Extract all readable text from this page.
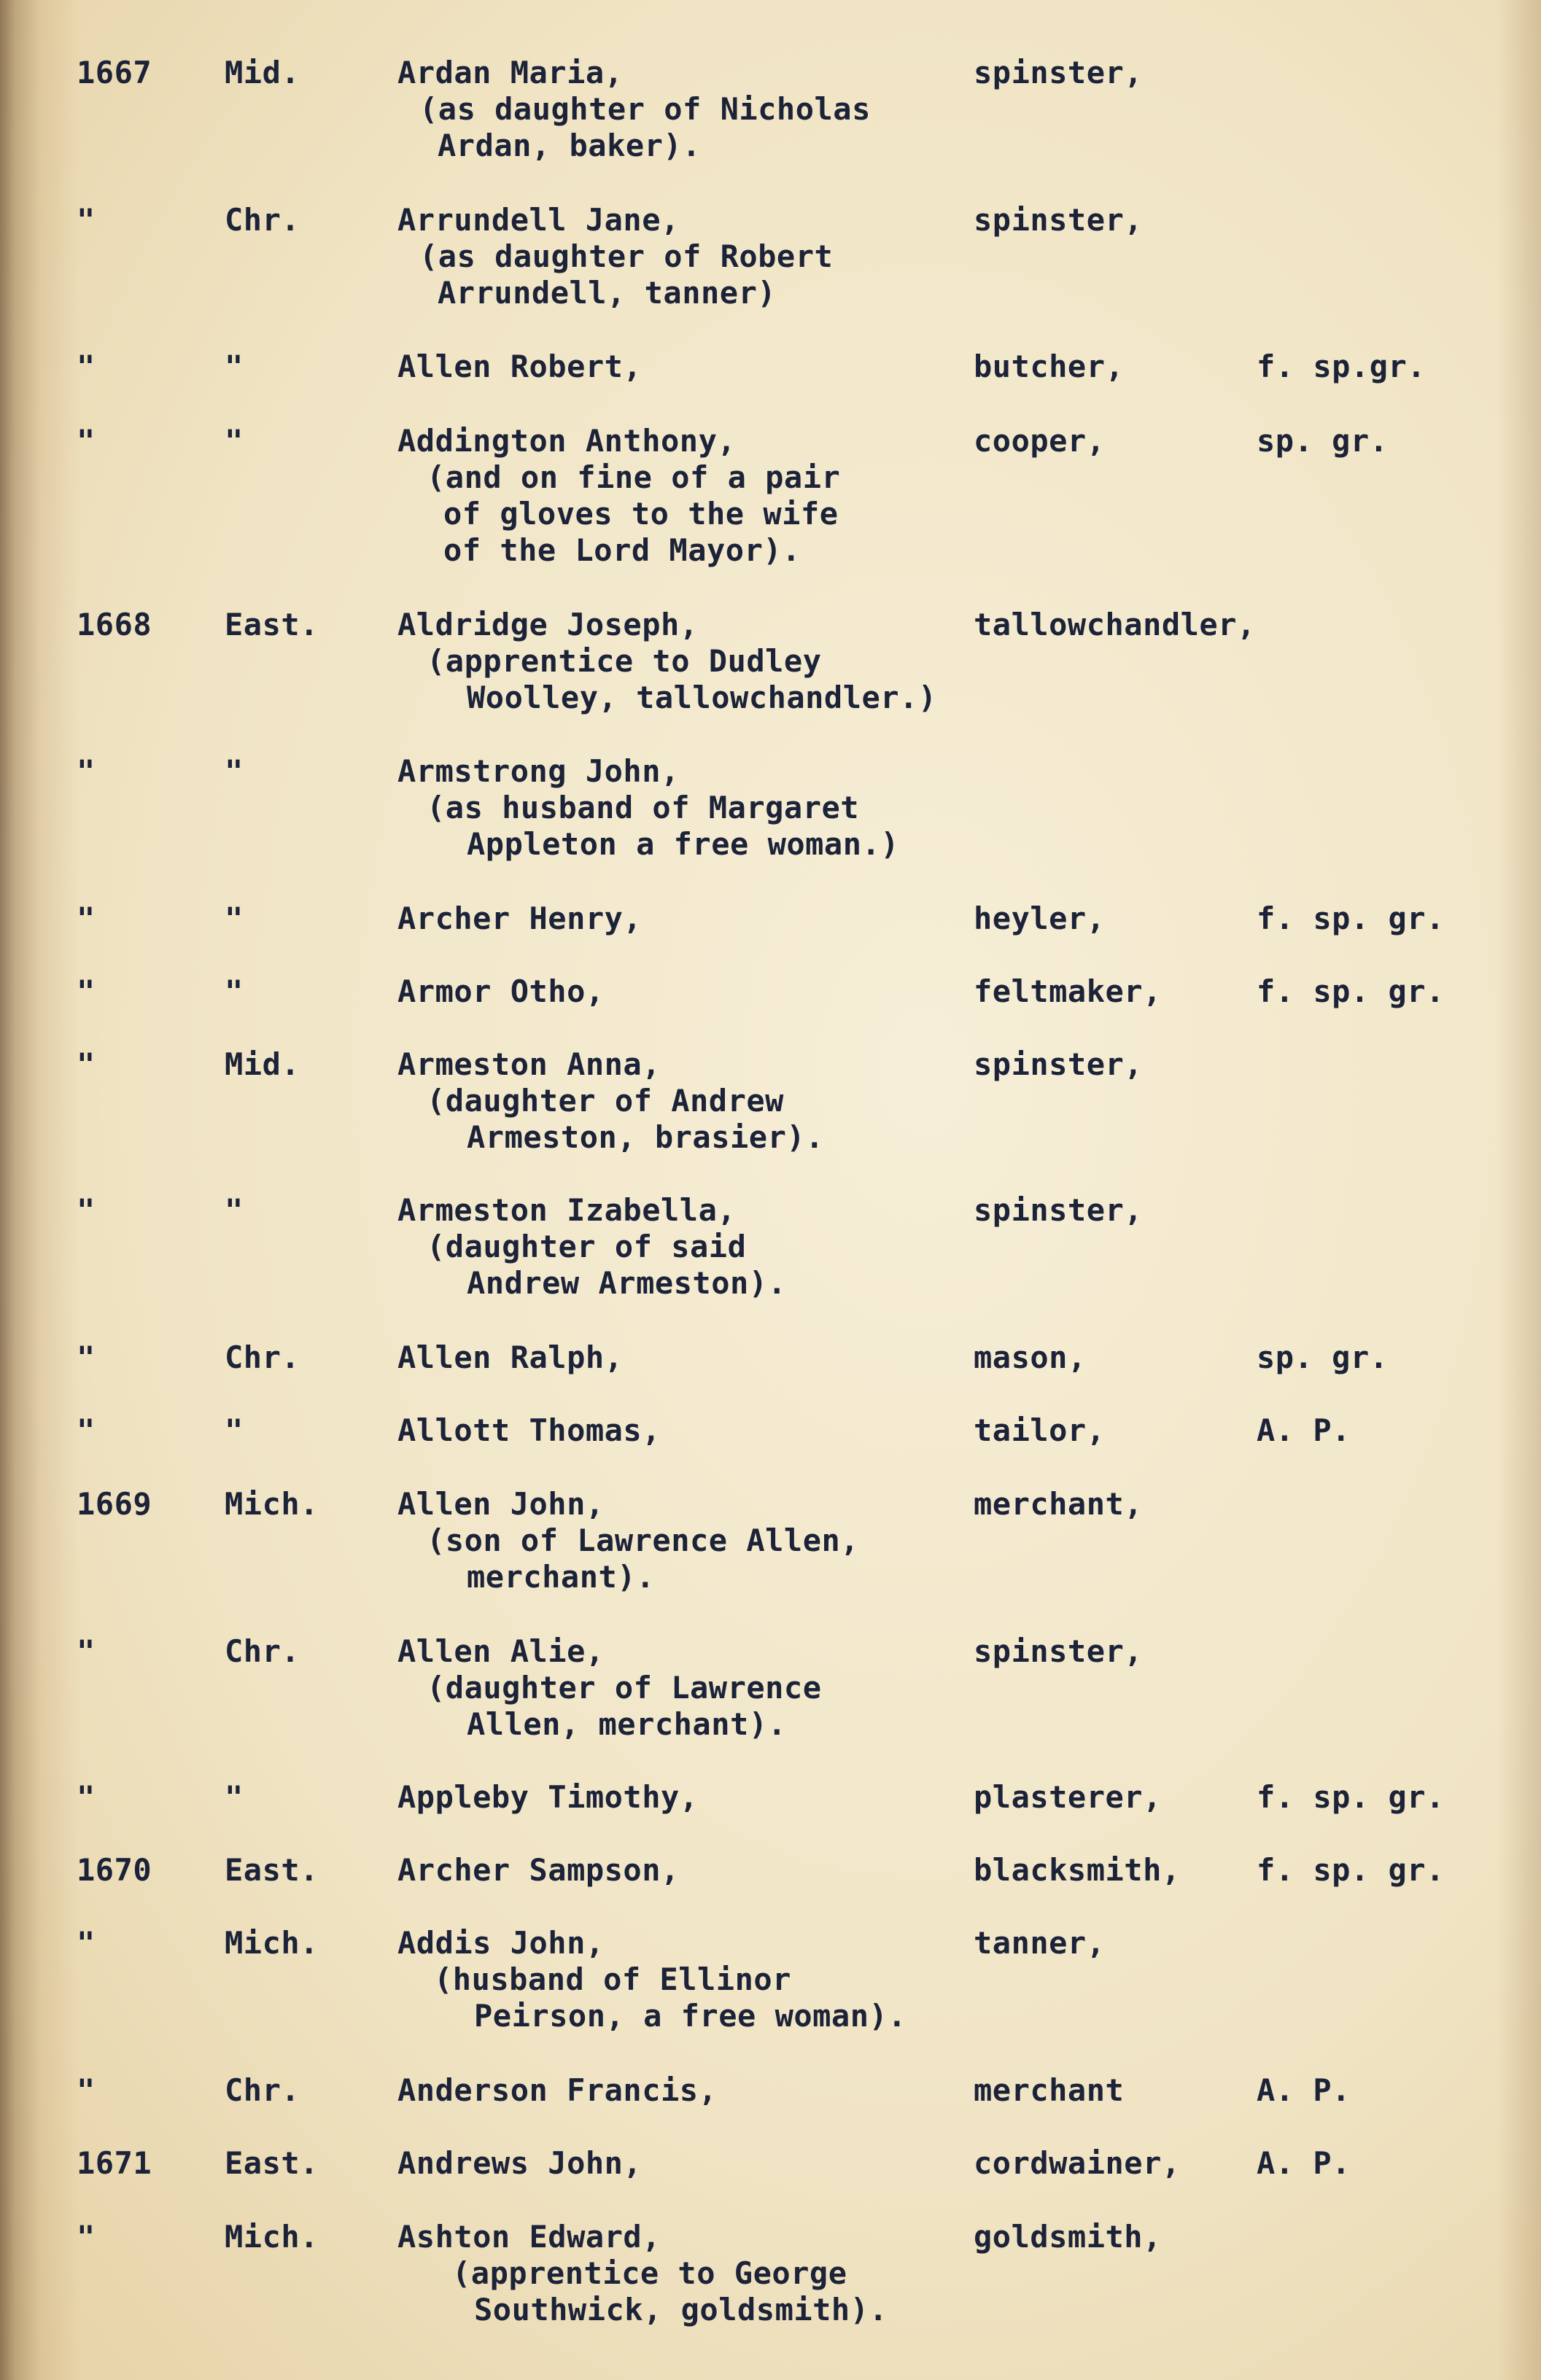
1667 Mid.	Ardan Maria,	spinster,
(as daughter of Nicholas
Ardan, baker).
"	Chr.	Arrundell Jane,	spinster,
(as daughter of Robert
Arrundell, tanner)
"	"	Allen Robert,	butcher,	f. sp.gr.
"	"	Addington Anthony,	cooper,	sp. gr.
(and on fine of a pair
of gloves to the wife
of the Lord Mayor).
1668 East.	Aldridge Joseph,	tallowchandler,
(apprentice to Dudley
Woolley, tallowchandler.)
"	"	Armstrong John,
(as husband of Margaret
Appleton a free woman.)
"	"	Archer Henry,	heyler,	f. sp. gr.
"	"	Armor Otho,	feltmaker,	f. sp. gr.
"	Mid.	Armeston Anna,	spinster,
(daughter of Andrew
Armeston, brasier).
"	"	Armeston Izabella,	spinster,
(daughter of said
Andrew Armeston).
"	Chr.	Allen Ralph,	mason,	sp. gr.
"	"	Allott Thomas,	tailor,	A. P.
1669 Mich.	Allen John,	merchant,
(son of Lawrence Allen,
merchant).
"	Chr.	Allen Alie,	spinster,
(daughter of Lawrence
Allen, merchant).
"	"	Appleby Timothy,	plasterer,	f. sp. gr.
1670 East.	Archer Sampson,	blacksmith, f. sp. gr.
"	Mich.	Addis John,	tanner,
(husband of Ellinor
Peirson, a free woman).
"	Chr.	Anderson Francis,	merchant	A. P.
1671 East.	Andrews John,	cordwainer, A. P.
"	Mich.	Ashton Edward,	goldsmith,
(apprentice to George
Southwick, goldsmith).
